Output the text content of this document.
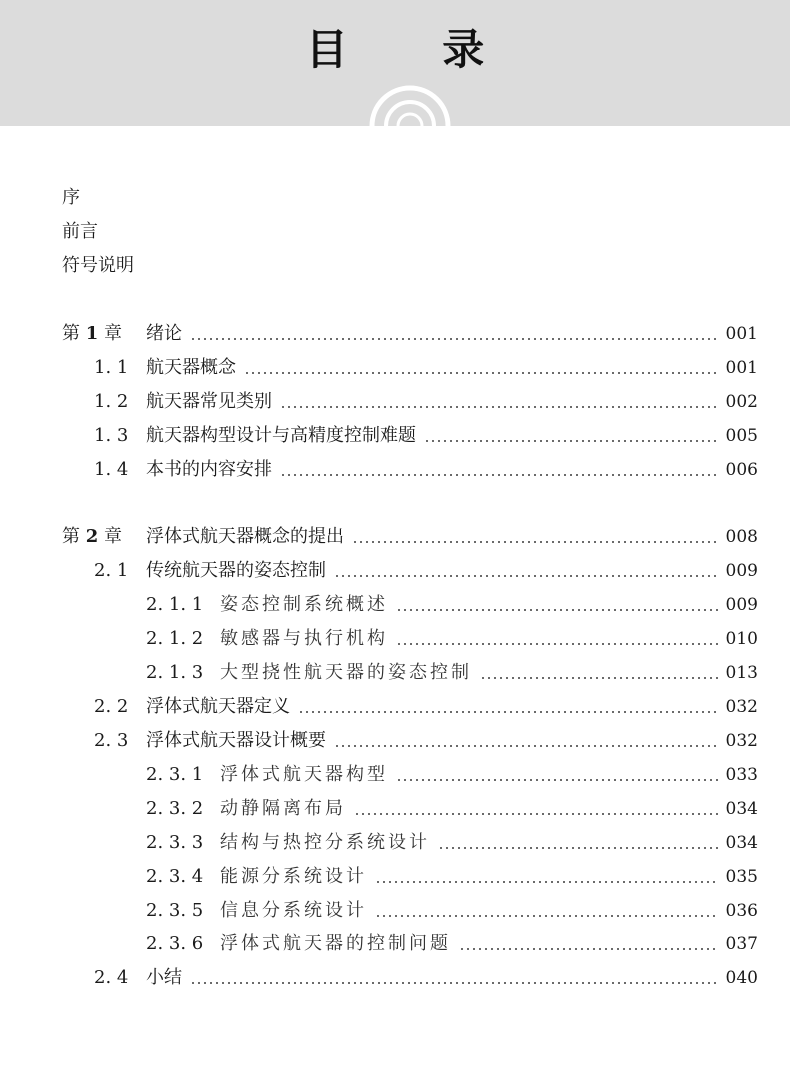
目 录
序
前言
符号说明
第 1 章	绪论	001
1. 1 航天器概念	001
1. 2 航天器常见类别	002
1. 3 航天器构型设计与高精度控制难题	005
1. 4 本书的内容安排	006
第 2 章	浮体式航天器概念的提出	008
2. 1 传统航天器的姿态控制	009
2. 1. 1 姿态控制系统概述	009
2. 1. 2 敏感器与执行机构	010
2. 1. 3 大型挠性航天器的姿态控制	013
2. 2 浮体式航天器定义	032
2. 3 浮体式航天器设计概要	032
2. 3. 1 浮体式航天器构型	033
2. 3. 2 动静隔离布局	034
2. 3. 3 结构与热控分系统设计	034
2. 3. 4 能源分系统设计	035
2. 3. 5 信息分系统设计	036
2. 3. 6 浮体式航天器的控制问题	037
2. 4 小结	040
